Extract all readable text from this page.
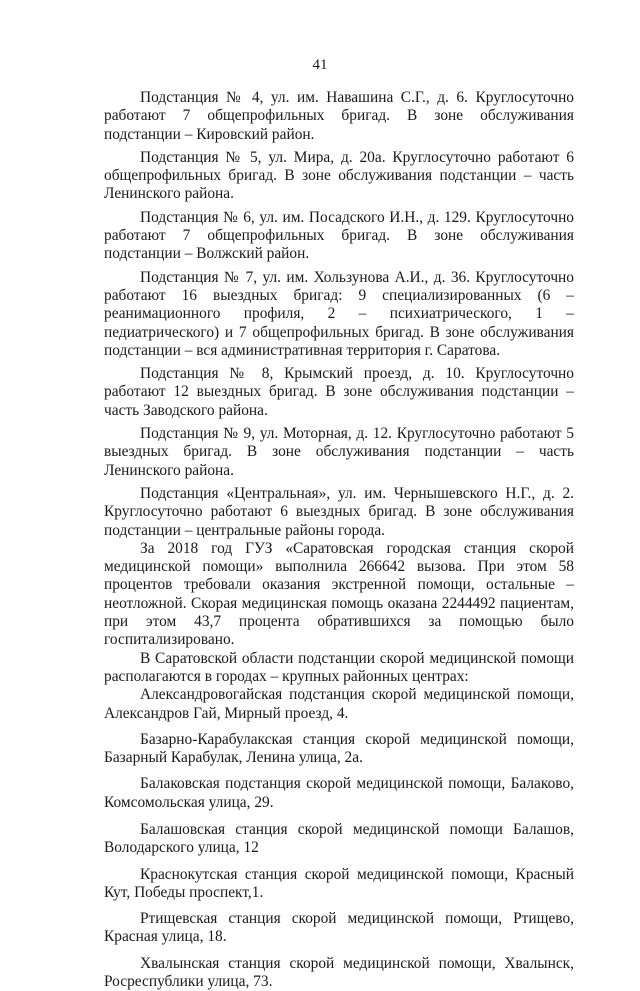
41

Подстанция № 4, ул. им. Навашина С.Г., д. 6. Круглосуточно работают 7 общепрофильных бригад. В зоне обслуживания подстанции – Кировский район.

Подстанция № 5, ул. Мира, д. 20а. Круглосуточно работают 6 общепрофильных бригад. В зоне обслуживания подстанции – часть Ленинского района.

Подстанция № 6, ул. им. Посадского И.Н., д. 129. Круглосуточно работают 7 общепрофильных бригад. В зоне обслуживания подстанции – Волжский район.

Подстанция № 7, ул. им. Хользунова А.И., д. 36. Круглосуточно работают 16 выездных бригад: 9 специализированных (6 – реанимационного профиля, 2 – психиатрического, 1 – педиатрического) и 7 общепрофильных бригад. В зоне обслуживания подстанции – вся административная территория г. Саратова.

Подстанция № 8, Крымский проезд, д. 10. Круглосуточно работают 12 выездных бригад. В зоне обслуживания подстанции – часть Заводского района.

Подстанция № 9, ул. Моторная, д. 12. Круглосуточно работают 5 выездных бригад. В зоне обслуживания подстанции – часть Ленинского района.

Подстанция «Центральная», ул. им. Чернышевского Н.Г., д. 2. Круглосуточно работают 6 выездных бригад. В зоне обслуживания подстанции – центральные районы города.

За 2018 год ГУЗ «Саратовская городская станция скорой медицинской помощи» выполнила 266642 вызова. При этом 58 процентов требовали оказания экстренной помощи, остальные – неотложной. Скорая медицинская помощь оказана 2244492 пациентам, при этом 43,7 процента обратившихся за помощью было госпитализировано.

В Саратовской области подстанции скорой медицинской помощи располагаются в городах – крупных районных центрах:

Александровогайская подстанция скорой медицинской помощи, Александров Гай, Мирный проезд, 4.

Базарно-Карабулакская станция скорой медицинской помощи, Базарный Карабулак, Ленина улица, 2а.

Балаковская подстанция скорой медицинской помощи, Балаково, Комсомольская улица, 29.

Балашовская станция скорой медицинской помощи Балашов, Володарского улица, 12

Краснокутская станция скорой медицинской помощи, Красный Кут, Победы проспект,1.

Ртищевская станция скорой медицинской помощи, Ртищево, Красная улица, 18.

Хвалынская станция скорой медицинской помощи, Хвалынск, Росреспублики улица, 73.
